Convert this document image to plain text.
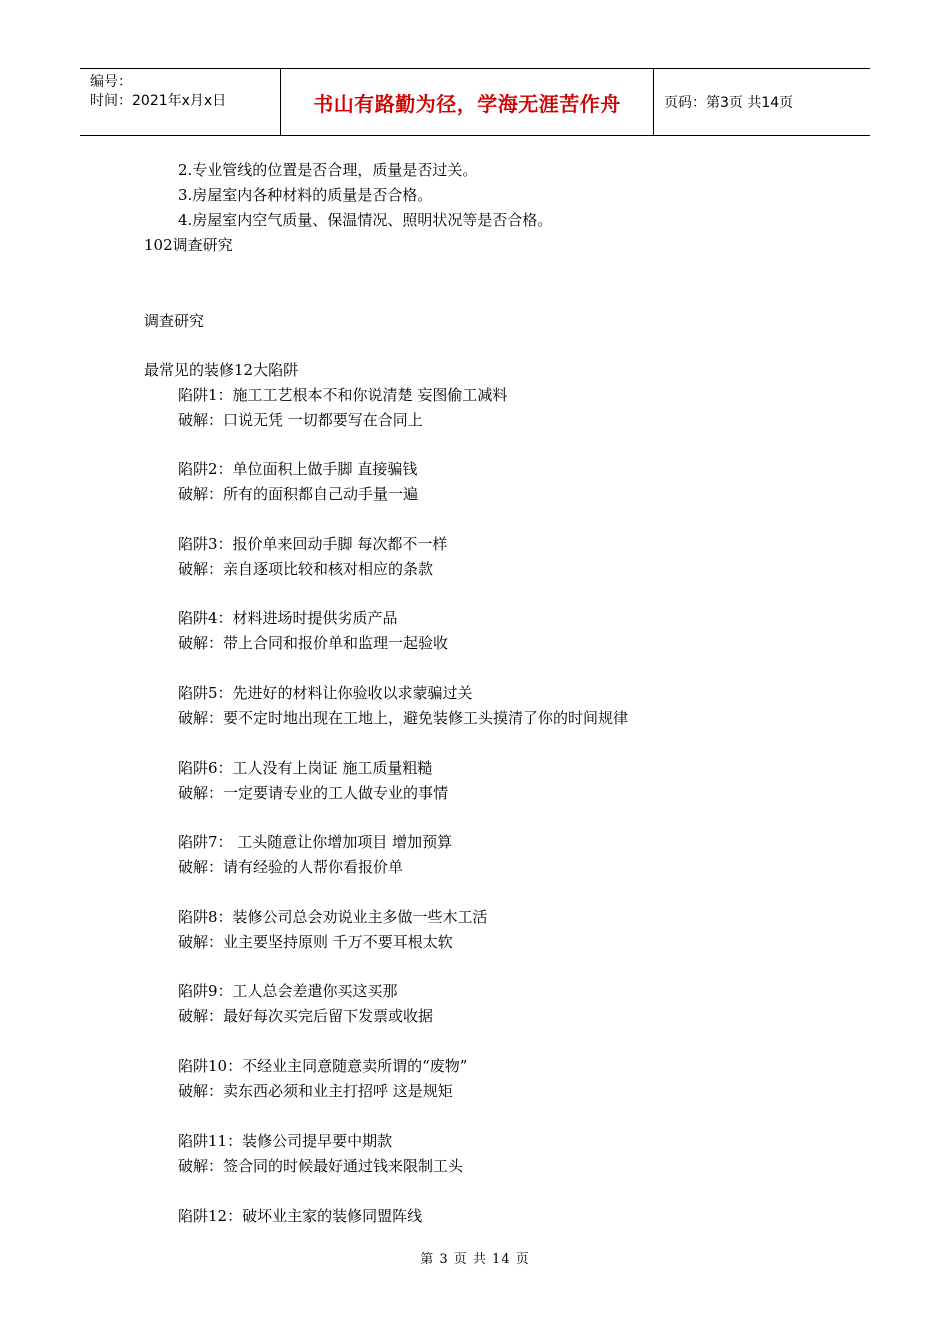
编号：
时间：2021年x月x日	书山有路勤为径，学海无涯苦作舟	页码：第3页 共14页
2.专业管线的位置是否合理，质量是否过关。
3.房屋室内各种材料的质量是否合格。
4.房屋室内空气质量、保温情况、照明状况等是否合格。
102调查研究
调查研究
最常见的装修12大陷阱
陷阱1：施工工艺根本不和你说清楚 妄图偷工减料
破解：口说无凭 一切都要写在合同上
陷阱2：单位面积上做手脚 直接骗钱
破解：所有的面积都自己动手量一遍
陷阱3：报价单来回动手脚 每次都不一样
破解：亲自逐项比较和核对相应的条款
陷阱4：材料进场时提供劣质产品
破解：带上合同和报价单和监理一起验收
陷阱5：先进好的材料让你验收以求蒙骗过关
破解：要不定时地出现在工地上，避免装修工头摸清了你的时间规律
陷阱6：工人没有上岗证 施工质量粗糙
破解：一定要请专业的工人做专业的事情
陷阱7： 工头随意让你增加项目 增加预算
破解：请有经验的人帮你看报价单
陷阱8：装修公司总会劝说业主多做一些木工活
破解：业主要坚持原则 千万不要耳根太软
陷阱9：工人总会差遣你买这买那
破解：最好每次买完后留下发票或收据
陷阱10：不经业主同意随意卖所谓的“废物”
破解：卖东西必须和业主打招呼 这是规矩
陷阱11：装修公司提早要中期款
破解：签合同的时候最好通过钱来限制工头
陷阱12：破坏业主家的装修同盟阵线
第 3 页 共 14 页
